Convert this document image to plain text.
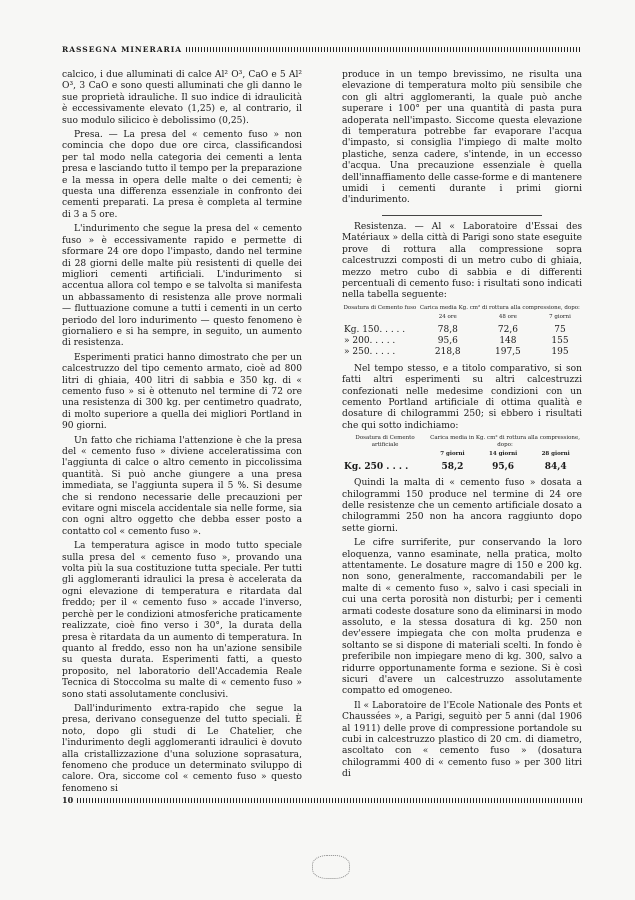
RASSEGNA MINERARIA

calcico, i due alluminati di calce Al² O³, CaO e 5 Al² O³, 3 CaO e sono questi alluminati che gli danno le sue proprietà idrauliche. Il suo indice di idraulicità è eccessivamente elevato (1,25) e, al contrario, il suo modulo silicico è debolissimo (0,25).

Presa. — La presa del « cemento fuso » non comincia che dopo due ore circa, classificandosi per tal modo nella categoria dei cementi a lenta presa e lasciando tutto il tempo per la preparazione e la messa in opera delle malte o dei cementi; è questa una differenza essenziale in confronto dei cementi preparati. La presa è completa al termine di 3 a 5 ore.

L'indurimento che segue la presa del « cemento fuso » è eccessivamente rapido e permette di sformare 24 ore dopo l'impasto, dando nel termine di 28 giorni delle malte più resistenti di quelle dei migliori cementi artificiali. L'indurimento si accentua allora col tempo e se talvolta si manifesta un abbassamento di resistenza alle prove normali — fluttuazione comune a tutti i cementi in un certo periodo del loro indurimento — questo fenomeno è giornaliero e si ha sempre, in seguito, un aumento di resistenza.

Esperimenti pratici hanno dimostrato che per un calcestruzzo del tipo cemento armato, cioè ad 800 litri di ghiaia, 400 litri di sabbia e 350 kg. di « cemento fuso » si è ottenuto nel termine di 72 ore una resistenza di 300 kg. per centimetro quadrato, di molto superiore a quella dei migliori Portland in 90 giorni.

Un fatto che richiama l'attenzione è che la presa del « cemento fuso » diviene acceleratissima con l'aggiunta di calce o altro cemento in piccolissima quantità. Si può anche giungere a una presa immediata, se l'aggiunta supera il 5 %. Si desume che si rendono necessarie delle precauzioni per evitare ogni miscela accidentale sia nelle forme, sia con ogni altro oggetto che debba esser posto a contatto col « cemento fuso ».

La temperatura agisce in modo tutto speciale sulla presa del « cemento fuso », provando una volta più la sua costituzione tutta speciale. Per tutti gli agglomeranti idraulici la presa è accelerata da ogni elevazione di temperatura e ritardata dal freddo; per il « cemento fuso » accade l'inverso, perchè per le condizioni atmosferiche praticamente realizzate, cioè fino verso i 30°, la durata della presa è ritardata da un aumento di temperatura. In quanto al freddo, esso non ha un'azione sensibile su questa durata. Esperimenti fatti, a questo proposito, nel laboratorio dell'Accademia Reale Tecnica di Stoccolma su malte di « cemento fuso » sono stati assolutamente conclusivi.

Dall'indurimento extra-rapido che segue la presa, derivano conseguenze del tutto speciali. È noto, dopo gli studi di Le Chatelier, che l'indurimento degli agglomeranti idraulici è dovuto alla cristallizzazione d'una soluzione soprasatura, fenomeno che produce un determinato sviluppo di calore. Ora, siccome col « cemento fuso » questo fenomeno si

produce in un tempo brevissimo, ne risulta una elevazione di temperatura molto più sensibile che con gli altri agglomeranti, la quale può anche superare i 100° per una quantità di pasta pura adoperata nell'impasto. Siccome questa elevazione di temperatura potrebbe far evaporare l'acqua d'impasto, si consiglia l'impiego di malte molto plastiche, senza cadere, s'intende, in un eccesso d'acqua. Una precauzione essenziale è quella dell'innaffiamento delle casse-forme e di mantenere umidi i cementi durante i primi giorni d'indurimento.

Resistenza. — Al « Laboratoire d'Essai des Matériaux » della città di Parigi sono state eseguite prove di rottura alla compressione sopra calcestruzzi composti di un metro cubo di ghiaia, mezzo metro cubo di sabbia e di differenti percentuali di cemento fuso: i risultati sono indicati nella tabella seguente:

Dosatura di Cemento fuso	Carica media Kg. cm² di rottura alla compressione, dopo:		
	24 ore	48 ore	7 giorni
Kg. 150. . . . .	78,8	72,6	75
» 200. . . . .	95,6	148	155
» 250. . . . .	218,8	197,5	195

Nel tempo stesso, e a titolo comparativo, si son fatti altri esperimenti su altri calcestruzzi confezionati nelle medesime condizioni con un cemento Portland artificiale di ottima qualità e dosature di chilogrammi 250; si ebbero i risultati che qui sotto indichiamo:

Dosatura di Cemento artificiale	Carica media in Kg. cm² di rottura alla compressione, dopo:		
	7 giorni	14 giorni	28 giorni
Kg. 250 . . . .	58,2	95,6	84,4

Quindi la malta di « cemento fuso » dosata a chilogrammi 150 produce nel termine di 24 ore delle resistenze che un cemento artificiale dosato a chilogrammi 250 non ha ancora raggiunto dopo sette giorni.

Le cifre surriferite, pur conservando la loro eloquenza, vanno esaminate, nella pratica, molto attentamente. Le dosature magre di 150 e 200 kg. non sono, generalmente, raccomandabili per le malte di « cemento fuso », salvo i casi speciali in cui una certa porosità non disturbi; per i cementi armati codeste dosature sono da eliminarsi in modo assoluto, e la stessa dosatura di kg. 250 non dev'essere impiegata che con molta prudenza e soltanto se si dispone di materiali scelti. In fondo è preferibile non impiegare meno di kg. 300, salvo a ridurre opportunamente forma e sezione. Si è così sicuri d'avere un calcestruzzo assolutamente compatto ed omogeneo.

Il « Laboratoire de l'Ecole Nationale des Ponts et Chaussées », a Parigi, seguitò per 5 anni (dal 1906 al 1911) delle prove di compressione portandole su cubi in calcestruzzo plastico di 20 cm. di diametro, ascoltato con « cemento fuso » (dosatura chilogrammi 400 di « cemento fuso » per 300 litri di

10
